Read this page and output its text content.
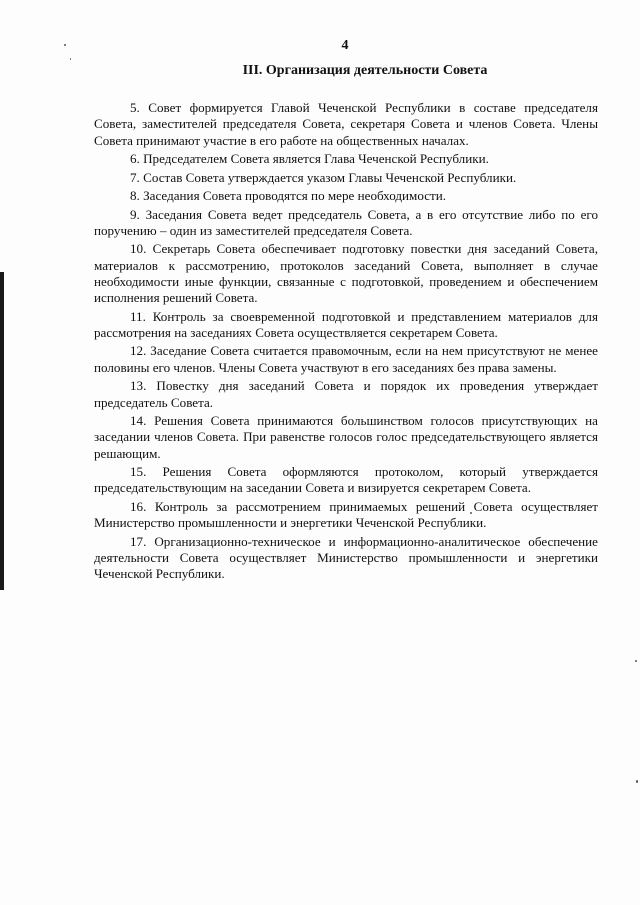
4
III. Организация деятельности Совета

5. Совет формируется Главой Чеченской Республики в составе председателя Совета, заместителей председателя Совета, секретаря Совета и членов Совета. Члены Совета принимают участие в его работе на общественных началах.

6. Председателем Совета является Глава Чеченской Республики.

7. Состав Совета утверждается указом Главы Чеченской Республики.

8. Заседания Совета проводятся по мере необходимости.

9. Заседания Совета ведет председатель Совета, а в его отсутствие либо по его поручению – один из заместителей председателя Совета.

10. Секретарь Совета обеспечивает подготовку повестки дня заседаний Совета, материалов к рассмотрению, протоколов заседаний Совета, выполняет в случае необходимости иные функции, связанные с подготовкой, проведением и обеспечением исполнения решений Совета.

11. Контроль за своевременной подготовкой и представлением материалов для рассмотрения на заседаниях Совета осуществляется секретарем Совета.

12. Заседание Совета считается правомочным, если на нем присутствуют не менее половины его членов. Члены Совета участвуют в его заседаниях без права замены.

13. Повестку дня заседаний Совета и порядок их проведения утверждает председатель Совета.

14. Решения Совета принимаются большинством голосов присутствующих на заседании членов Совета. При равенстве голосов голос председательствующего является решающим.

15. Решения Совета оформляются протоколом, который утверждается председательствующим на заседании Совета и визируется секретарем Совета.

16. Контроль за рассмотрением принимаемых решений Совета осуществляет Министерство промышленности и энергетики Чеченской Республики.

17. Организационно-техническое и информационно-аналитическое обеспечение деятельности Совета осуществляет Министерство промышленности и энергетики Чеченской Республики.
